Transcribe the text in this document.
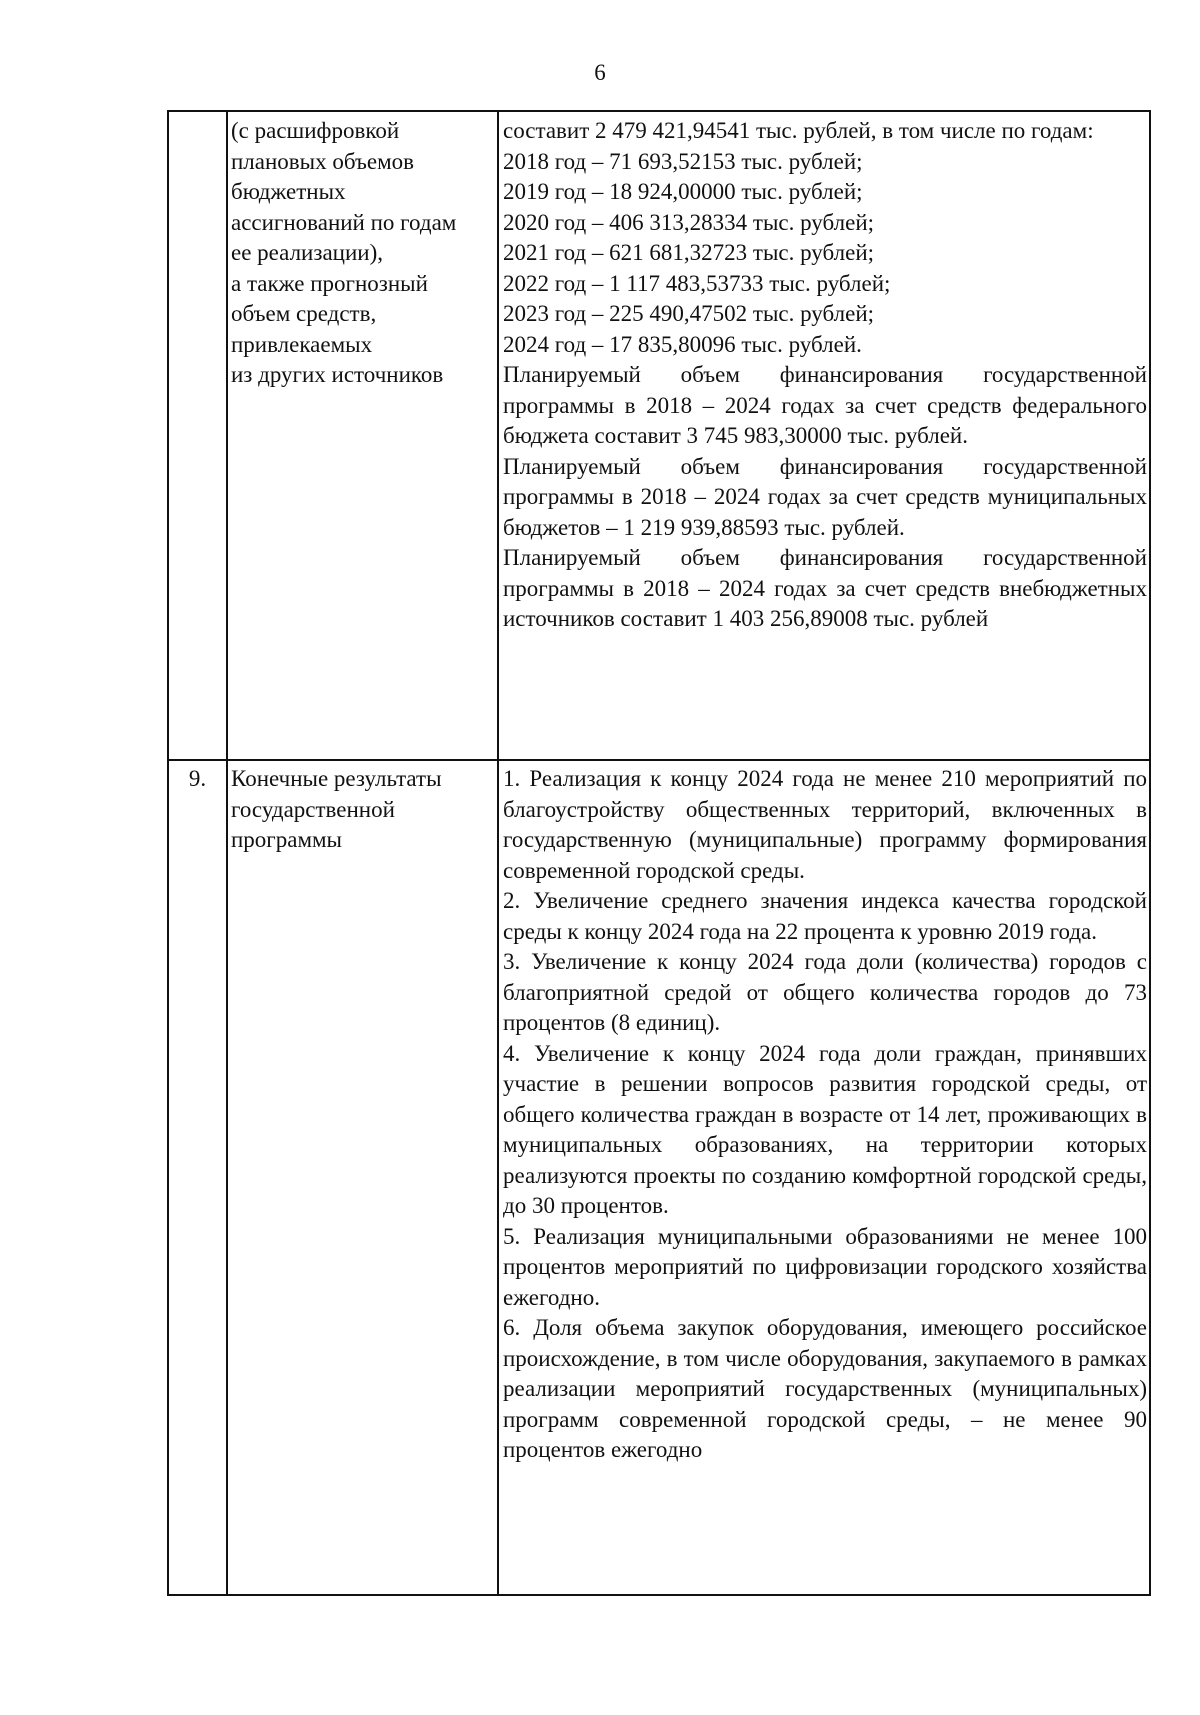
6
(с расшифровкой
плановых объемов
бюджетных
ассигнований по годам
ее реализации),
а также прогнозный
объем средств,
привлекаемых
из других источников
составит 2 479 421,94541 тыс. рублей, в том числе по годам:
2018 год – 71 693,52153 тыс. рублей;
2019 год – 18 924,00000 тыс. рублей;
2020 год – 406 313,28334 тыс. рублей;
2021 год – 621 681,32723 тыс. рублей;
2022 год – 1 117 483,53733 тыс. рублей;
2023 год – 225 490,47502 тыс. рублей;
2024 год – 17 835,80096 тыс. рублей.
Планируемый объем финансирования государственной программы в 2018 – 2024 годах за счет средств федерального бюджета составит 3 745 983,30000 тыс. рублей.
Планируемый объем финансирования государственной программы в 2018 – 2024 годах за счет средств муниципальных бюджетов – 1 219 939,88593 тыс. рублей.
Планируемый объем финансирования государственной программы в 2018 – 2024 годах за счет средств внебюджетных источников составит 1 403 256,89008 тыс. рублей
9.	Конечные результаты
государственной
программы
1. Реализация к концу 2024 года не менее 210 мероприятий по благоустройству общественных территорий, включенных в государственную (муниципальные) программу формирования современной городской среды.
2. Увеличение среднего значения индекса качества городской среды к концу 2024 года на 22 процента к уровню 2019 года.
3. Увеличение к концу 2024 года доли (количества) городов с благоприятной средой от общего количества городов до 73 процентов (8 единиц).
4. Увеличение к концу 2024 года доли граждан, принявших участие в решении вопросов развития городской среды, от общего количества граждан в возрасте от 14 лет, проживающих в муниципальных образованиях, на территории которых реализуются проекты по созданию комфортной городской среды, до 30 процентов.
5. Реализация муниципальными образованиями не менее 100 процентов мероприятий по цифровизации городского хозяйства ежегодно.
6. Доля объема закупок оборудования, имеющего российское происхождение, в том числе оборудования, закупаемого в рамках реализации мероприятий государственных (муниципальных) программ современной городской среды, – не менее 90 процентов ежегодно
